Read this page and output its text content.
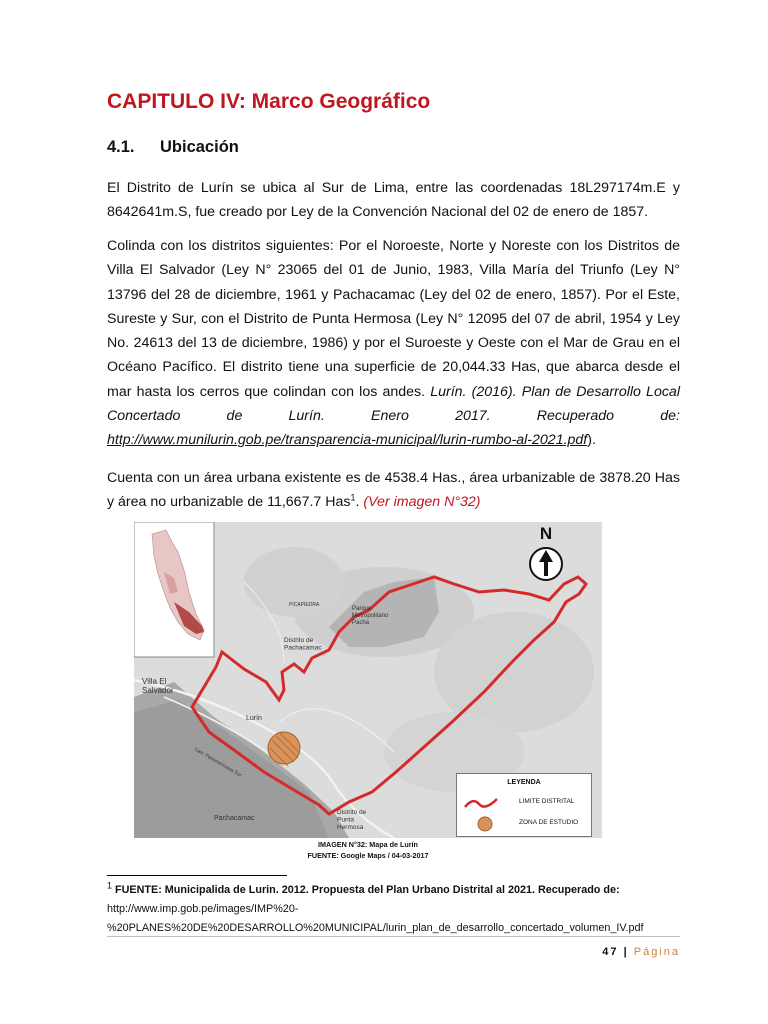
CAPITULO IV: Marco Geográfico
4.1. Ubicación

El Distrito de Lurín se ubica al Sur de Lima, entre las coordenadas 18L297174m.E y 8642641m.S, fue creado por Ley de la Convención Nacional del 02 de enero de 1857.

Colinda con los distritos siguientes: Por el Noroeste, Norte y Noreste con los Distritos de Villa El Salvador (Ley N° 23065 del 01 de Junio, 1983, Villa María del Triunfo (Ley N° 13796 del 28 de diciembre, 1961 y Pachacamac (Ley del 02 de enero, 1857). Por el Este, Sureste y Sur, con el Distrito de Punta Hermosa (Ley N° 12095 del 07 de abril, 1954 y Ley No. 24613 del 13 de diciembre, 1986) y por el Suroeste y Oeste con el Mar de Grau en el Océano Pacífico. El distrito tiene una superficie de 20,044.33 Has, que abarca desde el mar hasta los cerros que colindan con los andes. Lurín. (2016). Plan de Desarrollo Local Concertado de Lurín. Enero 2017. Recuperado de: http://www.munilurin.gob.pe/transparencia-municipal/lurin-rumbo-al-2021.pdf).

Cuenta con un área urbana existente es de 4538.4 Has., área urbanizable de 3878.20 Has y área no urbanizable de 11,667.7 Has$^1$. (Ver imagen N°32)

Villa El Salvador
Distrito de Pachacamac
Parque Metropolitano Pacha
Lurín
Pachacamac
Distrito de Punta Hermosa
PICAPIEDRA
Carr. Panamericana Sur
N

LEYENDA

LIMITE DISTRITAL
ZONA DE ESTUDIO

IMAGEN N°32: Mapa de Lurín
FUENTE: Google Maps / 04-03-2017

$^1$ FUENTE: Municipalida de Lurin. 2012. Propuesta del Plan Urbano Distrital al 2021. Recuperado de:
http://www.imp.gob.pe/images/IMP%20-
%20PLANES%20DE%20DESARROLLO%20MUNICIPAL/lurin_plan_de_desarrollo_concertado_volumen_IV.pdf

47 | Página
